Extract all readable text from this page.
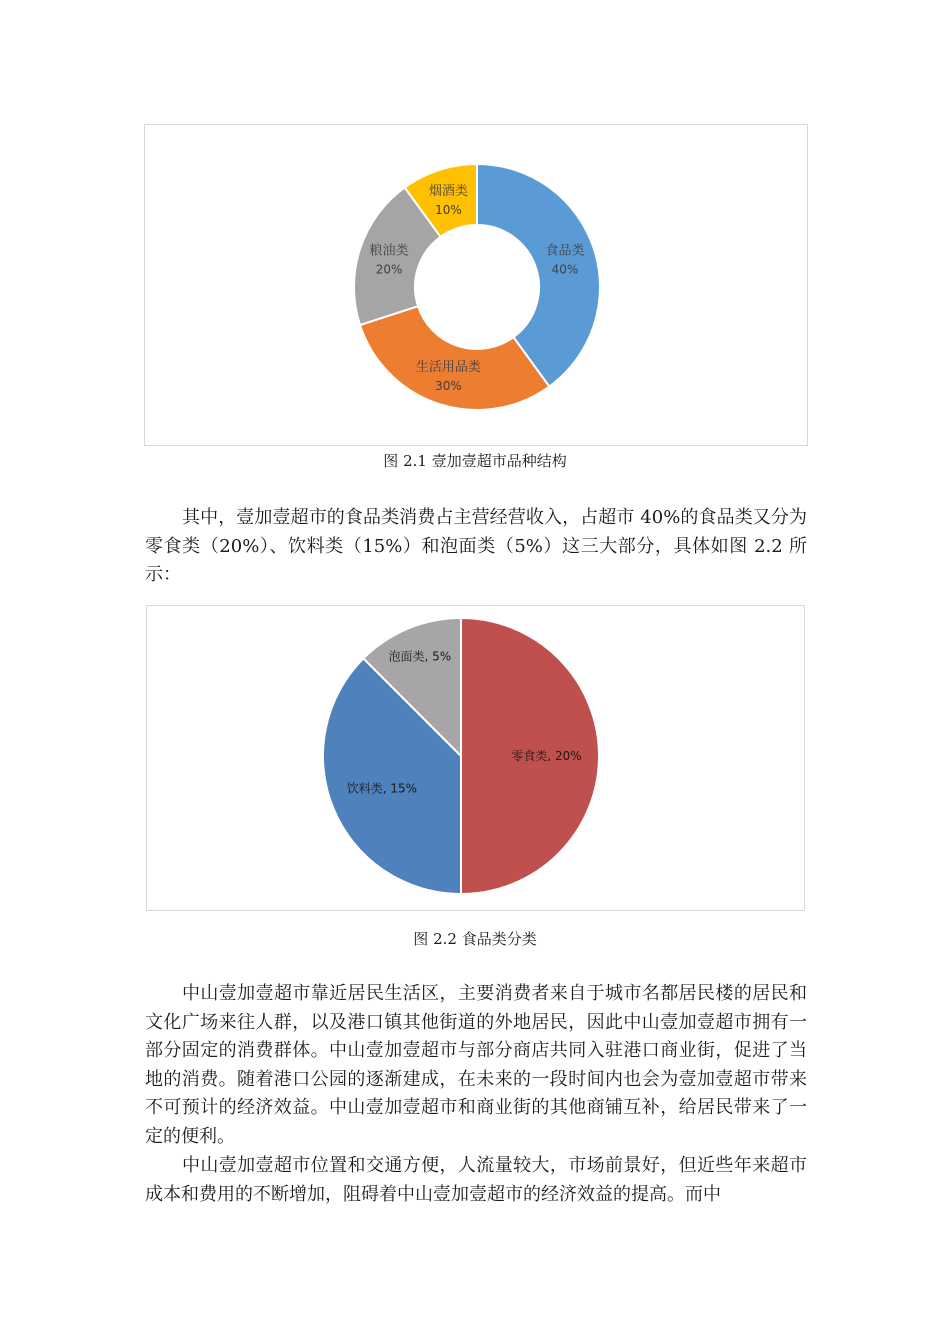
食品类
40%
生活用品类
30%
粮油类
20%
烟酒类
10%
图 2.1 壹加壹超市品种结构

其中，壹加壹超市的食品类消费占主营经营收入，占超市 40%的食品类又分为零食类（20%）、饮料类（15%）和泡面类（5%）这三大部分，具体如图 2.2 所示：

零食类, 20%
饮料类, 15%
泡面类, 5%
图 2.2 食品类分类

中山壹加壹超市靠近居民生活区，主要消费者来自于城市名都居民楼的居民和文化广场来往人群，以及港口镇其他街道的外地居民，因此中山壹加壹超市拥有一部分固定的消费群体。中山壹加壹超市与部分商店共同入驻港口商业街，促进了当地的消费。随着港口公园的逐渐建成，在未来的一段时间内也会为壹加壹超市带来不可预计的经济效益。中山壹加壹超市和商业街的其他商铺互补，给居民带来了一定的便利。

中山壹加壹超市位置和交通方便，人流量较大，市场前景好，但近些年来超市成本和费用的不断增加，阻碍着中山壹加壹超市的经济效益的提高。而中
